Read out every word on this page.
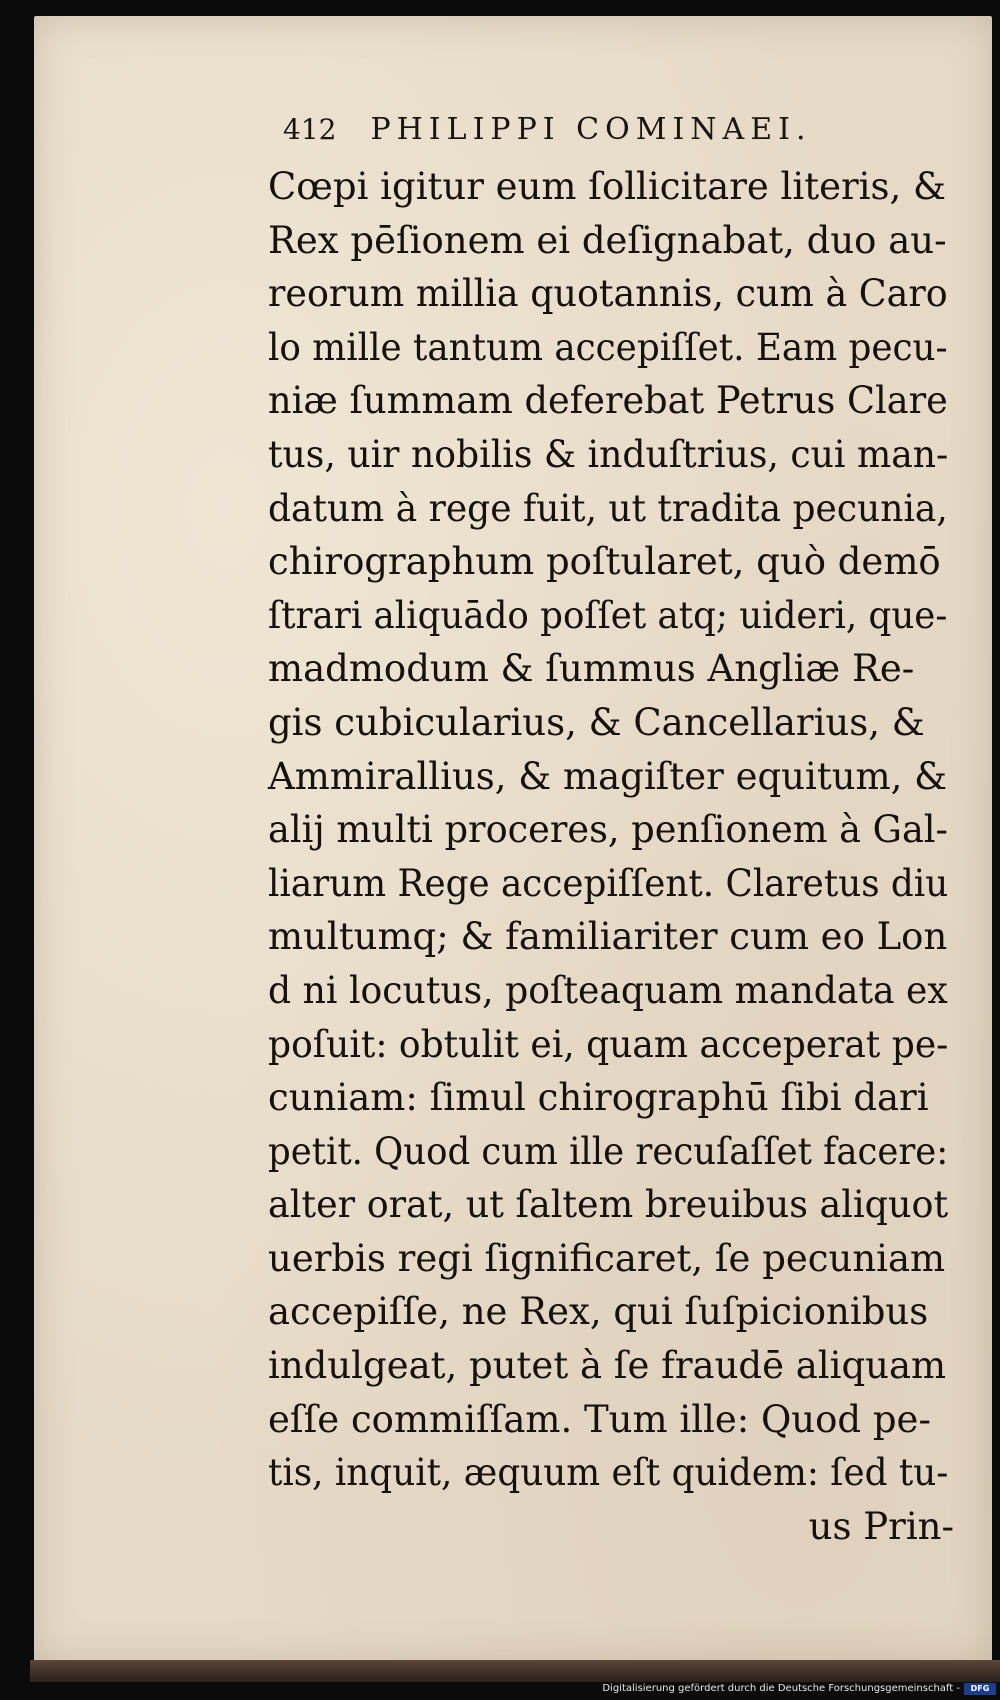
412 PHILIPPI COMINAEI.
Cœpi igitur eum ſollicitare literis, &
Rex pēſionem ei deſignabat, duo au-
reorum millia quotannis, cum à Caro
lo mille tantum accepiſſet. Eam pecu-
niæ ſummam deferebat Petrus Clare
tus, uir nobilis & induſtrius, cui man-
datum à rege fuit, ut tradita pecunia,
chirographum poſtularet, quò demō
ſtrari aliquādo poſſet atq; uideri, que-
madmodum & ſummus Angliæ Re-
gis cubicularius, & Cancellarius, &
Ammirallius, & magiſter equitum, &
alij multi proceres, penſionem à Gal-
liarum Rege accepiſſent. Claretus diu
multumq; & familiariter cum eo Lon
d ni locutus, poſteaquam mandata ex
poſuit: obtulit ei, quam acceperat pe-
cuniam: ſimul chirographū ſibi dari
petit. Quod cum ille recuſaſſet facere:
alter orat, ut ſaltem breuibus aliquot
uerbis regi ſignificaret, ſe pecuniam
accepiſſe, ne Rex, qui ſuſpicionibus
indulgeat, putet à ſe fraudē aliquam
eſſe commiſſam. Tum ille: Quod pe-
tis, inquit, æquum eſt quidem: ſed tu-
us Prin-
Digitalisierung gefördert durch die Deutsche Forschungsgemeinschaft -	DFG
